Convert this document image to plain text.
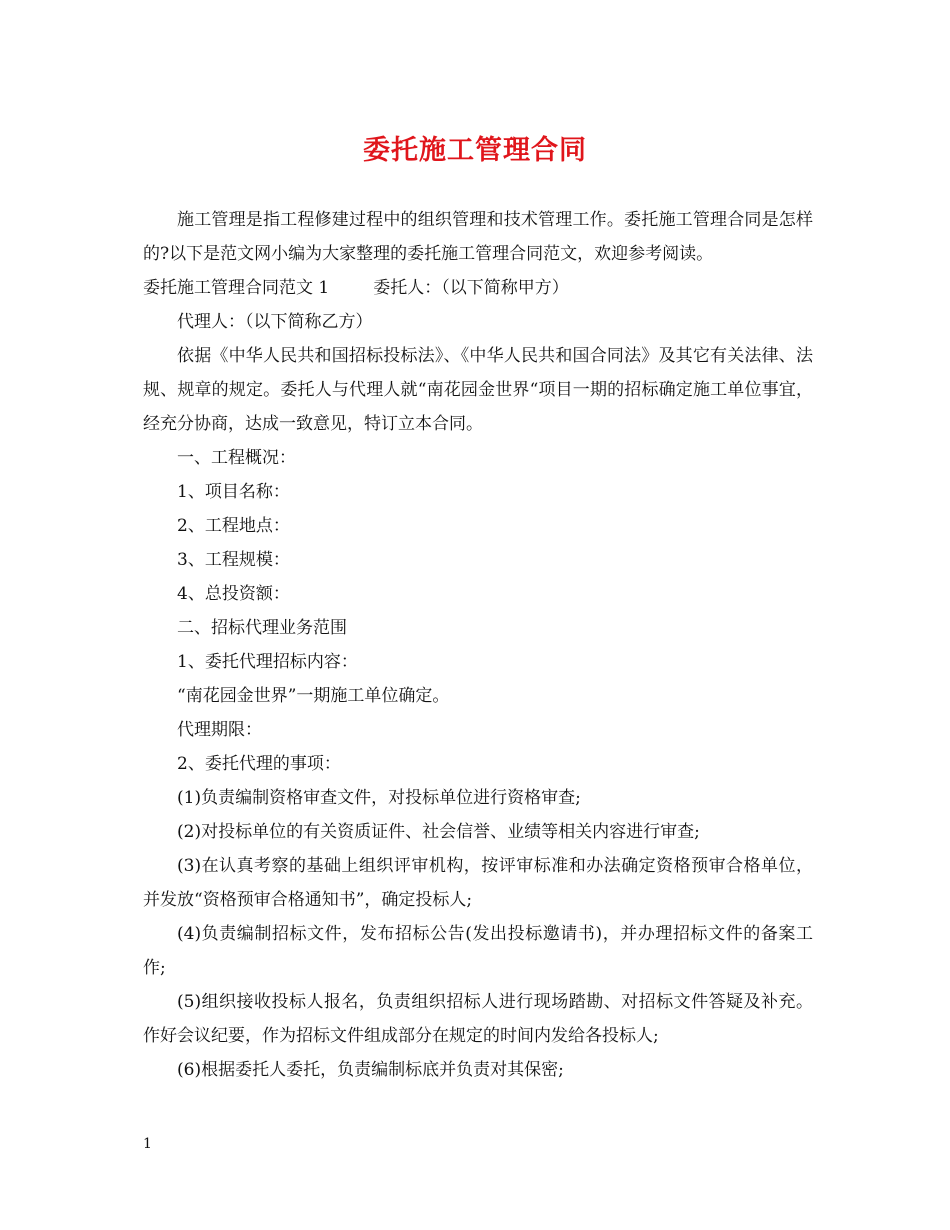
委托施工管理合同

施工管理是指工程修建过程中的组织管理和技术管理工作。委托施工管理合同是怎样的?以下是范文网小编为大家整理的委托施工管理合同范文，欢迎参考阅读。

委托施工管理合同范文 1	委托人：（以下简称甲方）

代理人：（以下简称乙方）

依据《中华人民共和国招标投标法》、《中华人民共和国合同法》及其它有关法律、法规、规章的规定。委托人与代理人就“南花园金世界“项目一期的招标确定施工单位事宜，经充分协商，达成一致意见，特订立本合同。

一、工程概况：

1、项目名称：

2、工程地点：

3、工程规模：

4、总投资额：

二、招标代理业务范围

1、委托代理招标内容：

“南花园金世界”一期施工单位确定。

代理期限：

2、委托代理的事项：

(1)负责编制资格审查文件，对投标单位进行资格审查;

(2)对投标单位的有关资质证件、社会信誉、业绩等相关内容进行审查;

(3)在认真考察的基础上组织评审机构，按评审标准和办法确定资格预审合格单位，并发放“资格预审合格通知书”，确定投标人;

(4)负责编制招标文件，发布招标公告(发出投标邀请书)，并办理招标文件的备案工作;

(5)组织接收投标人报名，负责组织招标人进行现场踏勘、对招标文件答疑及补充。作好会议纪要，作为招标文件组成部分在规定的时间内发给各投标人;

(6)根据委托人委托，负责编制标底并负责对其保密;

1
